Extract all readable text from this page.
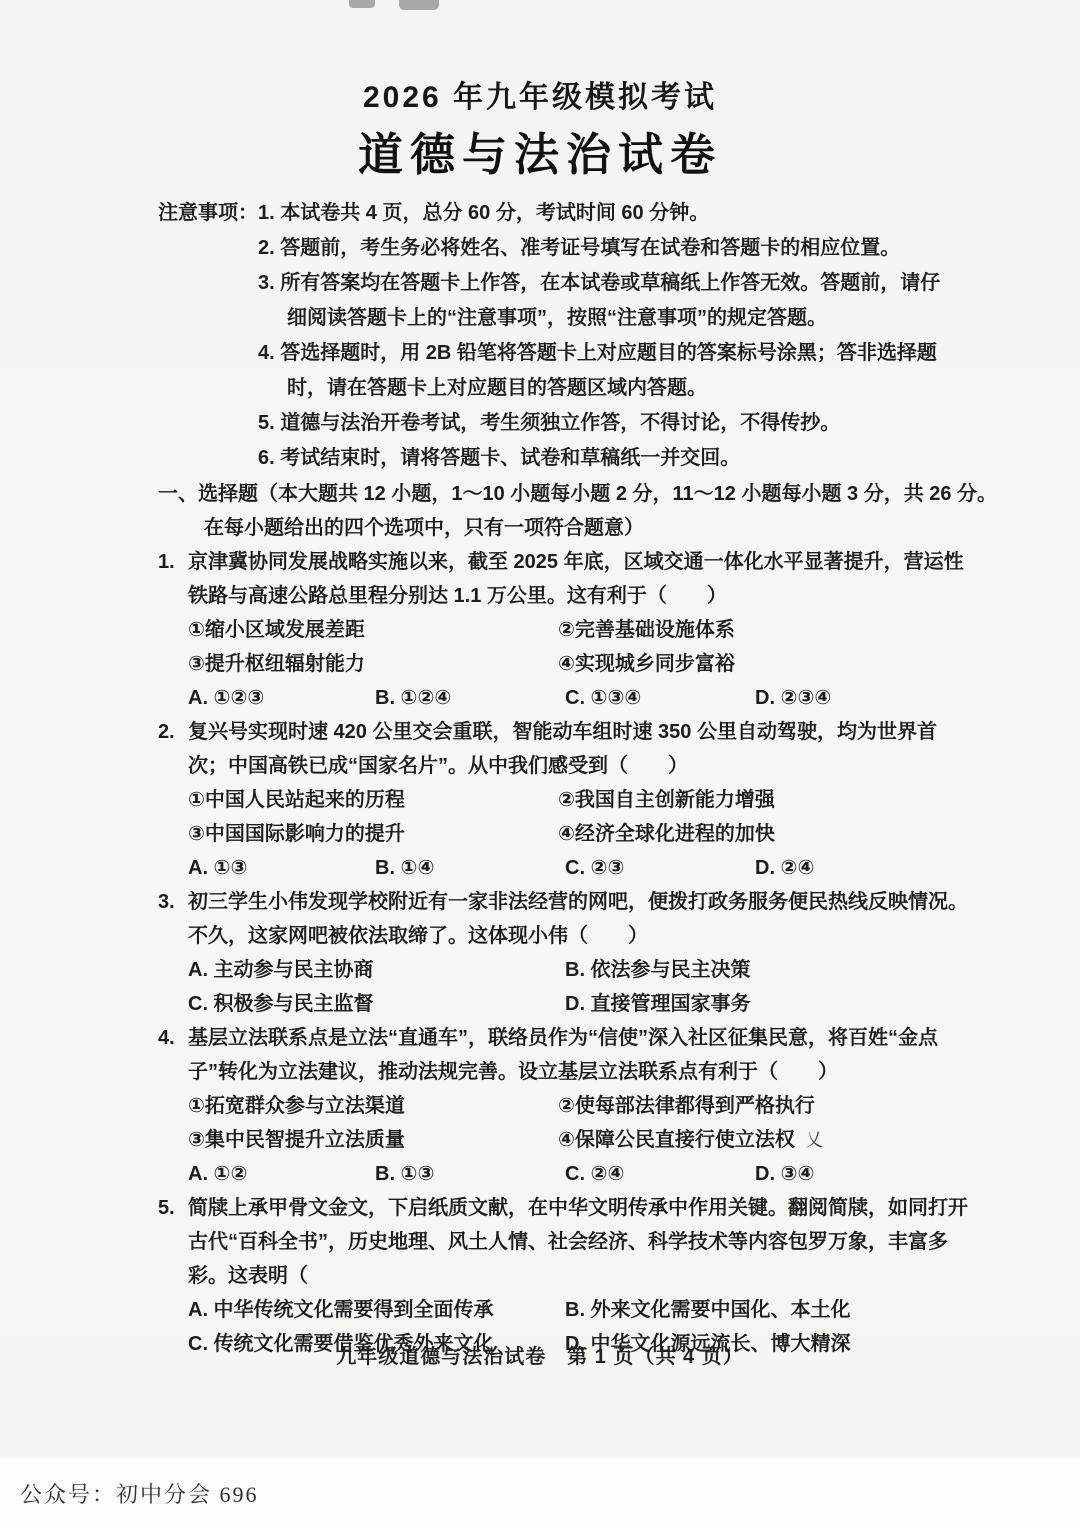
2026 年九年级模拟考试
道德与法治试卷
注意事项： 1. 本试卷共 4 页，总分 60 分，考试时间 60 分钟。
2. 答题前，考生务必将姓名、准考证号填写在试卷和答题卡的相应位置。
3. 所有答案均在答题卡上作答，在本试卷或草稿纸上作答无效。答题前，请仔细阅读答题卡上的“注意事项”，按照“注意事项”的规定答题。
4. 答选择题时，用 2B 铅笔将答题卡上对应题目的答案标号涂黑；答非选择题时，请在答题卡上对应题目的答题区域内答题。
5. 道德与法治开卷考试，考生须独立作答，不得讨论，不得传抄。
6. 考试结束时，请将答题卡、试卷和草稿纸一并交回。
一、选择题（本大题共 12 小题，1～10 小题每小题 2 分，11～12 小题每小题 3 分，共 26 分。在每小题给出的四个选项中，只有一项符合题意）
1. 京津冀协同发展战略实施以来，截至 2025 年底，区域交通一体化水平显著提升，营运性铁路与高速公路总里程分别达 1.1 万公里。这有利于（　　）
①缩小区域发展差距	②完善基础设施体系
③提升枢纽辐射能力	④实现城乡同步富裕
A. ①②③	B. ①②④	C. ①③④	D. ②③④
2. 复兴号实现时速 420 公里交会重联，智能动车组时速 350 公里自动驾驶，均为世界首次；中国高铁已成“国家名片”。从中我们感受到（　　）
①中国人民站起来的历程	②我国自主创新能力增强
③中国国际影响力的提升	④经济全球化进程的加快
A. ①③	B. ①④	C. ②③	D. ②④
3. 初三学生小伟发现学校附近有一家非法经营的网吧，便拨打政务服务便民热线反映情况。不久，这家网吧被依法取缔了。这体现小伟（　　）
A. 主动参与民主协商	B. 依法参与民主决策
C. 积极参与民主监督	D. 直接管理国家事务
4. 基层立法联系点是立法“直通车”，联络员作为“信使”深入社区征集民意，将百姓“金点子”转化为立法建议，推动法规完善。设立基层立法联系点有利于（　　）
①拓宽群众参与立法渠道	②使每部法律都得到严格执行
③集中民智提升立法质量	④保障公民直接行使立法权 乂
A. ①②	B. ①③	C. ②④	D. ③④
5. 简牍上承甲骨文金文，下启纸质文献，在中华文明传承中作用关键。翻阅简牍，如同打开古代“百科全书”，历史地理、风土人情、社会经济、科学技术等内容包罗万象，丰富多彩。这表明（
A. 中华传统文化需要得到全面传承	B. 外来文化需要中国化、本土化
C. 传统文化需要借鉴优秀外来文化	D. 中华文化源远流长、博大精深
九年级道德与法治试卷　第 1 页（共 4 页）
公众号：初中分会 696
